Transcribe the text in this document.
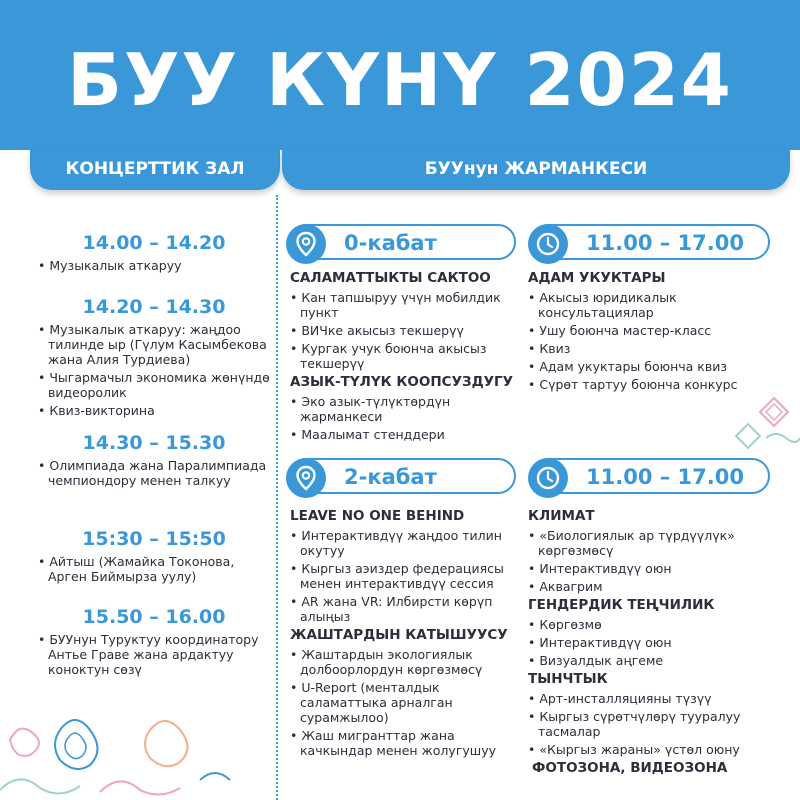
БУУ КҮНҮ 2024
КОНЦЕРТТИК ЗАЛ	БУУнун ЖАРМАНКЕСИ
14.00 – 14.20
• Музыкалык аткаруу
14.20 – 14.30
• Музыкалык аткаруу: жаңдоо тилинде ыр (Гүлум Касымбекова жана Алия Турдиева)
• Чыгармачыл экономика жөнүндө видеоролик
• Квиз-викторина
14.30 – 15.30
• Олимпиада жана Паралимпиада чемпиондору менен талкуу
15:30 – 15:50
• Айтыш (Жамайка Токонова, Арген Биймырза уулу)
15.50 – 16.00
• БУУнун Туруктуу координатору Антье Граве жана ардактуу конoктун сөзү
0-кабат	11.00 – 17.00
САЛАМАТТЫКТЫ САКТОО
• Кан тапшыруу үчүн мобилдик пункт
• ВИЧке акысыз текшерүү
• Кургак учук боюнча акысыз текшерүү
АЗЫК-ТҮЛҮК КООПСУЗДУГУ
• Эко азык-түлүктөрдүн жарманкеси
• Маалымат стенддери
АДАМ УКУКТАРЫ
• Акысыз юридикалык консультациялар
• Ушу боюнча мастер-класс
• Квиз
• Адам укуктары боюнча квиз
• Сүрөт тартуу боюнча конкурс
2-кабат	11.00 – 17.00
LEAVE NO ONE BEHIND
• Интерактивдүү жаңдоо тилин окутуу
• Кыргыз аэиздер федерациясы менен интерактивдүү сессия
• AR жана VR: Илбирсти көрүп алыңыз
ЖАШТАРДЫН КАТЫШУУСУ
• Жаштардын экологиялык долбоорлордун көргөзмөсү
• U-Report (менталдык саламаттыка арналган сурамжылоо)
• Жаш мигранттар жана качкындар менен жолугушуу
КЛИМАТ
• «Биологиялык ар түрдүүлүк» көргөзмөсү
• Интерактивдүү оюн
• Аквагрим
ГЕНДЕРДИК ТЕҢЧИЛИК
• Көргөзмө
• Интерактивдүү оюн
• Визуалдык аңгеме
ТЫНЧТЫК
• Арт-инсталляцияны түзүү
• Кыргыз сүрөтчүлөрү тууралуу тасмалар
• «Кыргыз жараны» үстөл оюну
ФОТОЗОНА, ВИДЕОЗОНА
